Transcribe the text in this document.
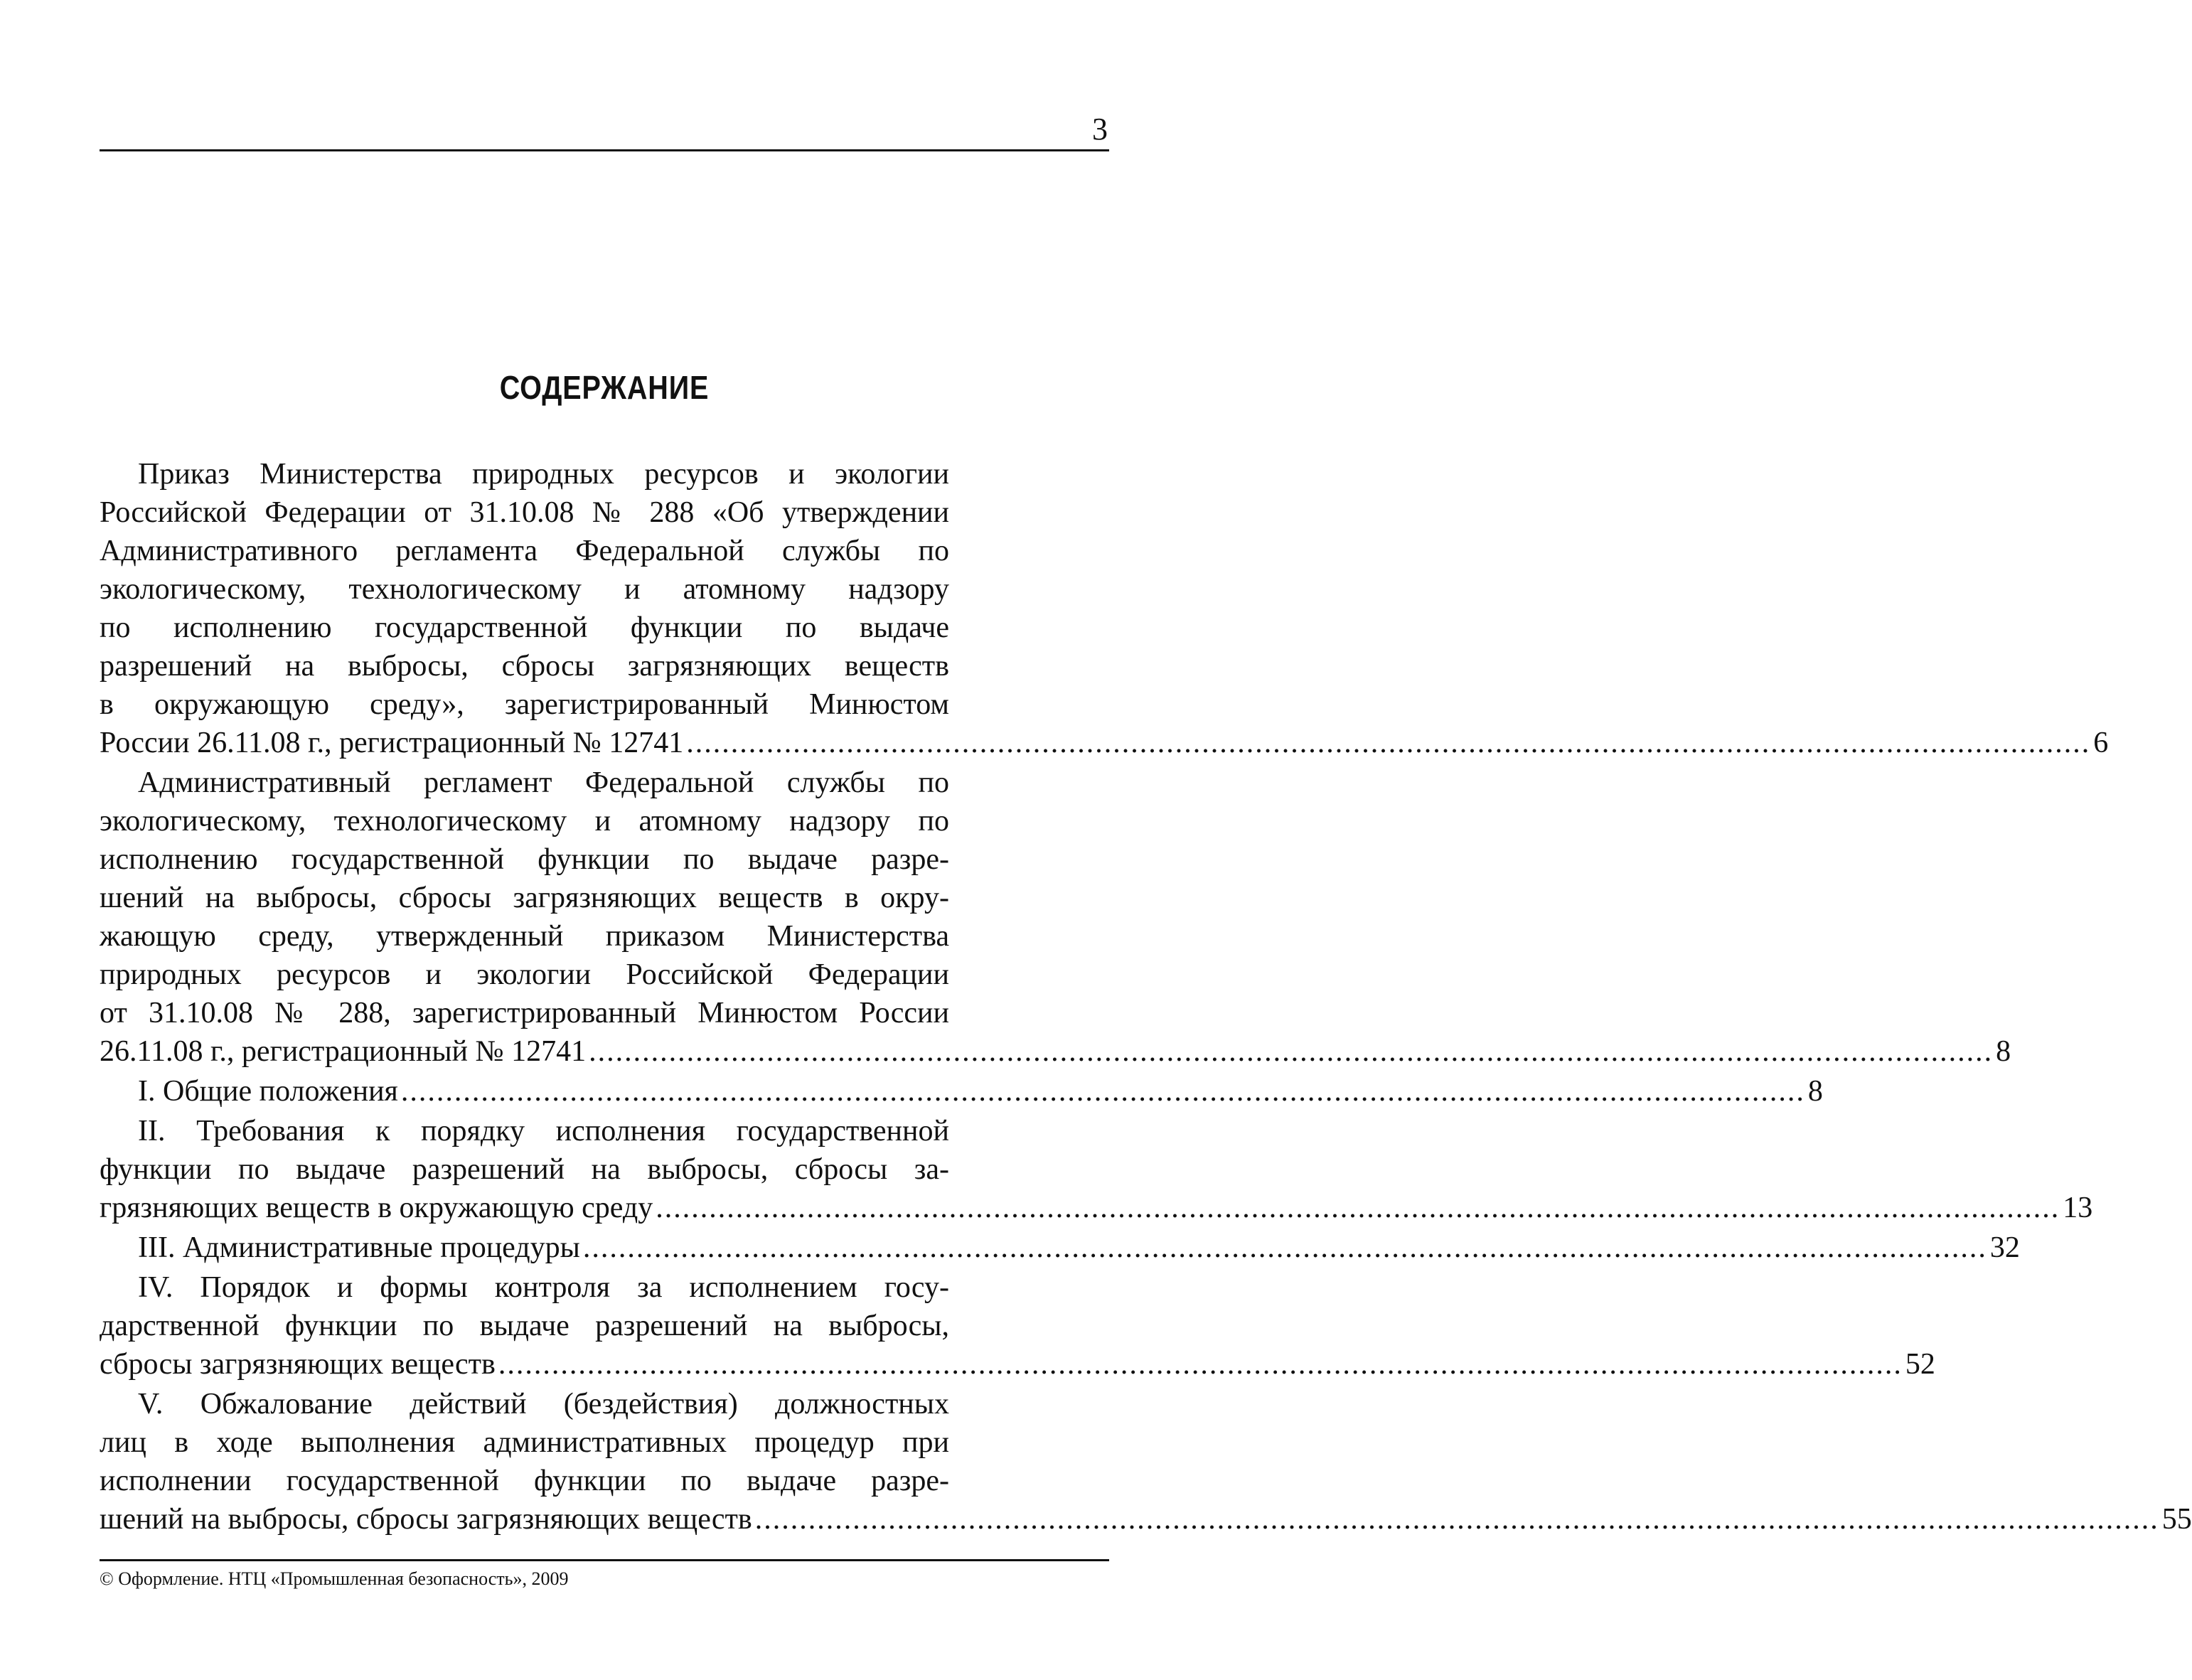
3
СОДЕРЖАНИЕ
Приказ Министерства природных ресурсов и экологии
Российской Федерации от 31.10.08 № 288 «Об утверждении
Административного регламента Федеральной службы по
экологическому, технологическому и атомному надзору
по исполнению государственной функции по выдаче
разрешений на выбросы, сбросы загрязняющих веществ
в окружающую среду», зарегистрированный Минюстом
России 26.11.08 г., регистрационный № 12741 .............................................................................................................................................................. 6
Административный регламент Федеральной службы по
экологическому, технологическому и атомному надзору по
исполнению государственной функции по выдаче разре-
шений на выбросы, сбросы загрязняющих веществ в окру-
жающую среду, утвержденный приказом Министерства
природных ресурсов и экологии Российской Федерации
от 31.10.08 № 288, зарегистрированный Минюстом России
26.11.08 г., регистрационный № 12741 .............................................................................................................................................................. 8
I. Общие положения .............................................................................................................................................................. 8
II. Требования к порядку исполнения государственной
функции по выдаче разрешений на выбросы, сбросы за-
грязняющих веществ в окружающую среду .............................................................................................................................................................. 13
III. Административные процедуры .............................................................................................................................................................. 32
IV. Порядок и формы контроля за исполнением госу-
дарственной функции по выдаче разрешений на выбросы,
сбросы загрязняющих веществ .............................................................................................................................................................. 52
V. Обжалование действий (бездействия) должностных
лиц в ходе выполнения административных процедур при
исполнении государственной функции по выдаче разре-
шений на выбросы, сбросы загрязняющих веществ .............................................................................................................................................................. 55
© Оформление. НТЦ «Промышленная безопасность», 2009
